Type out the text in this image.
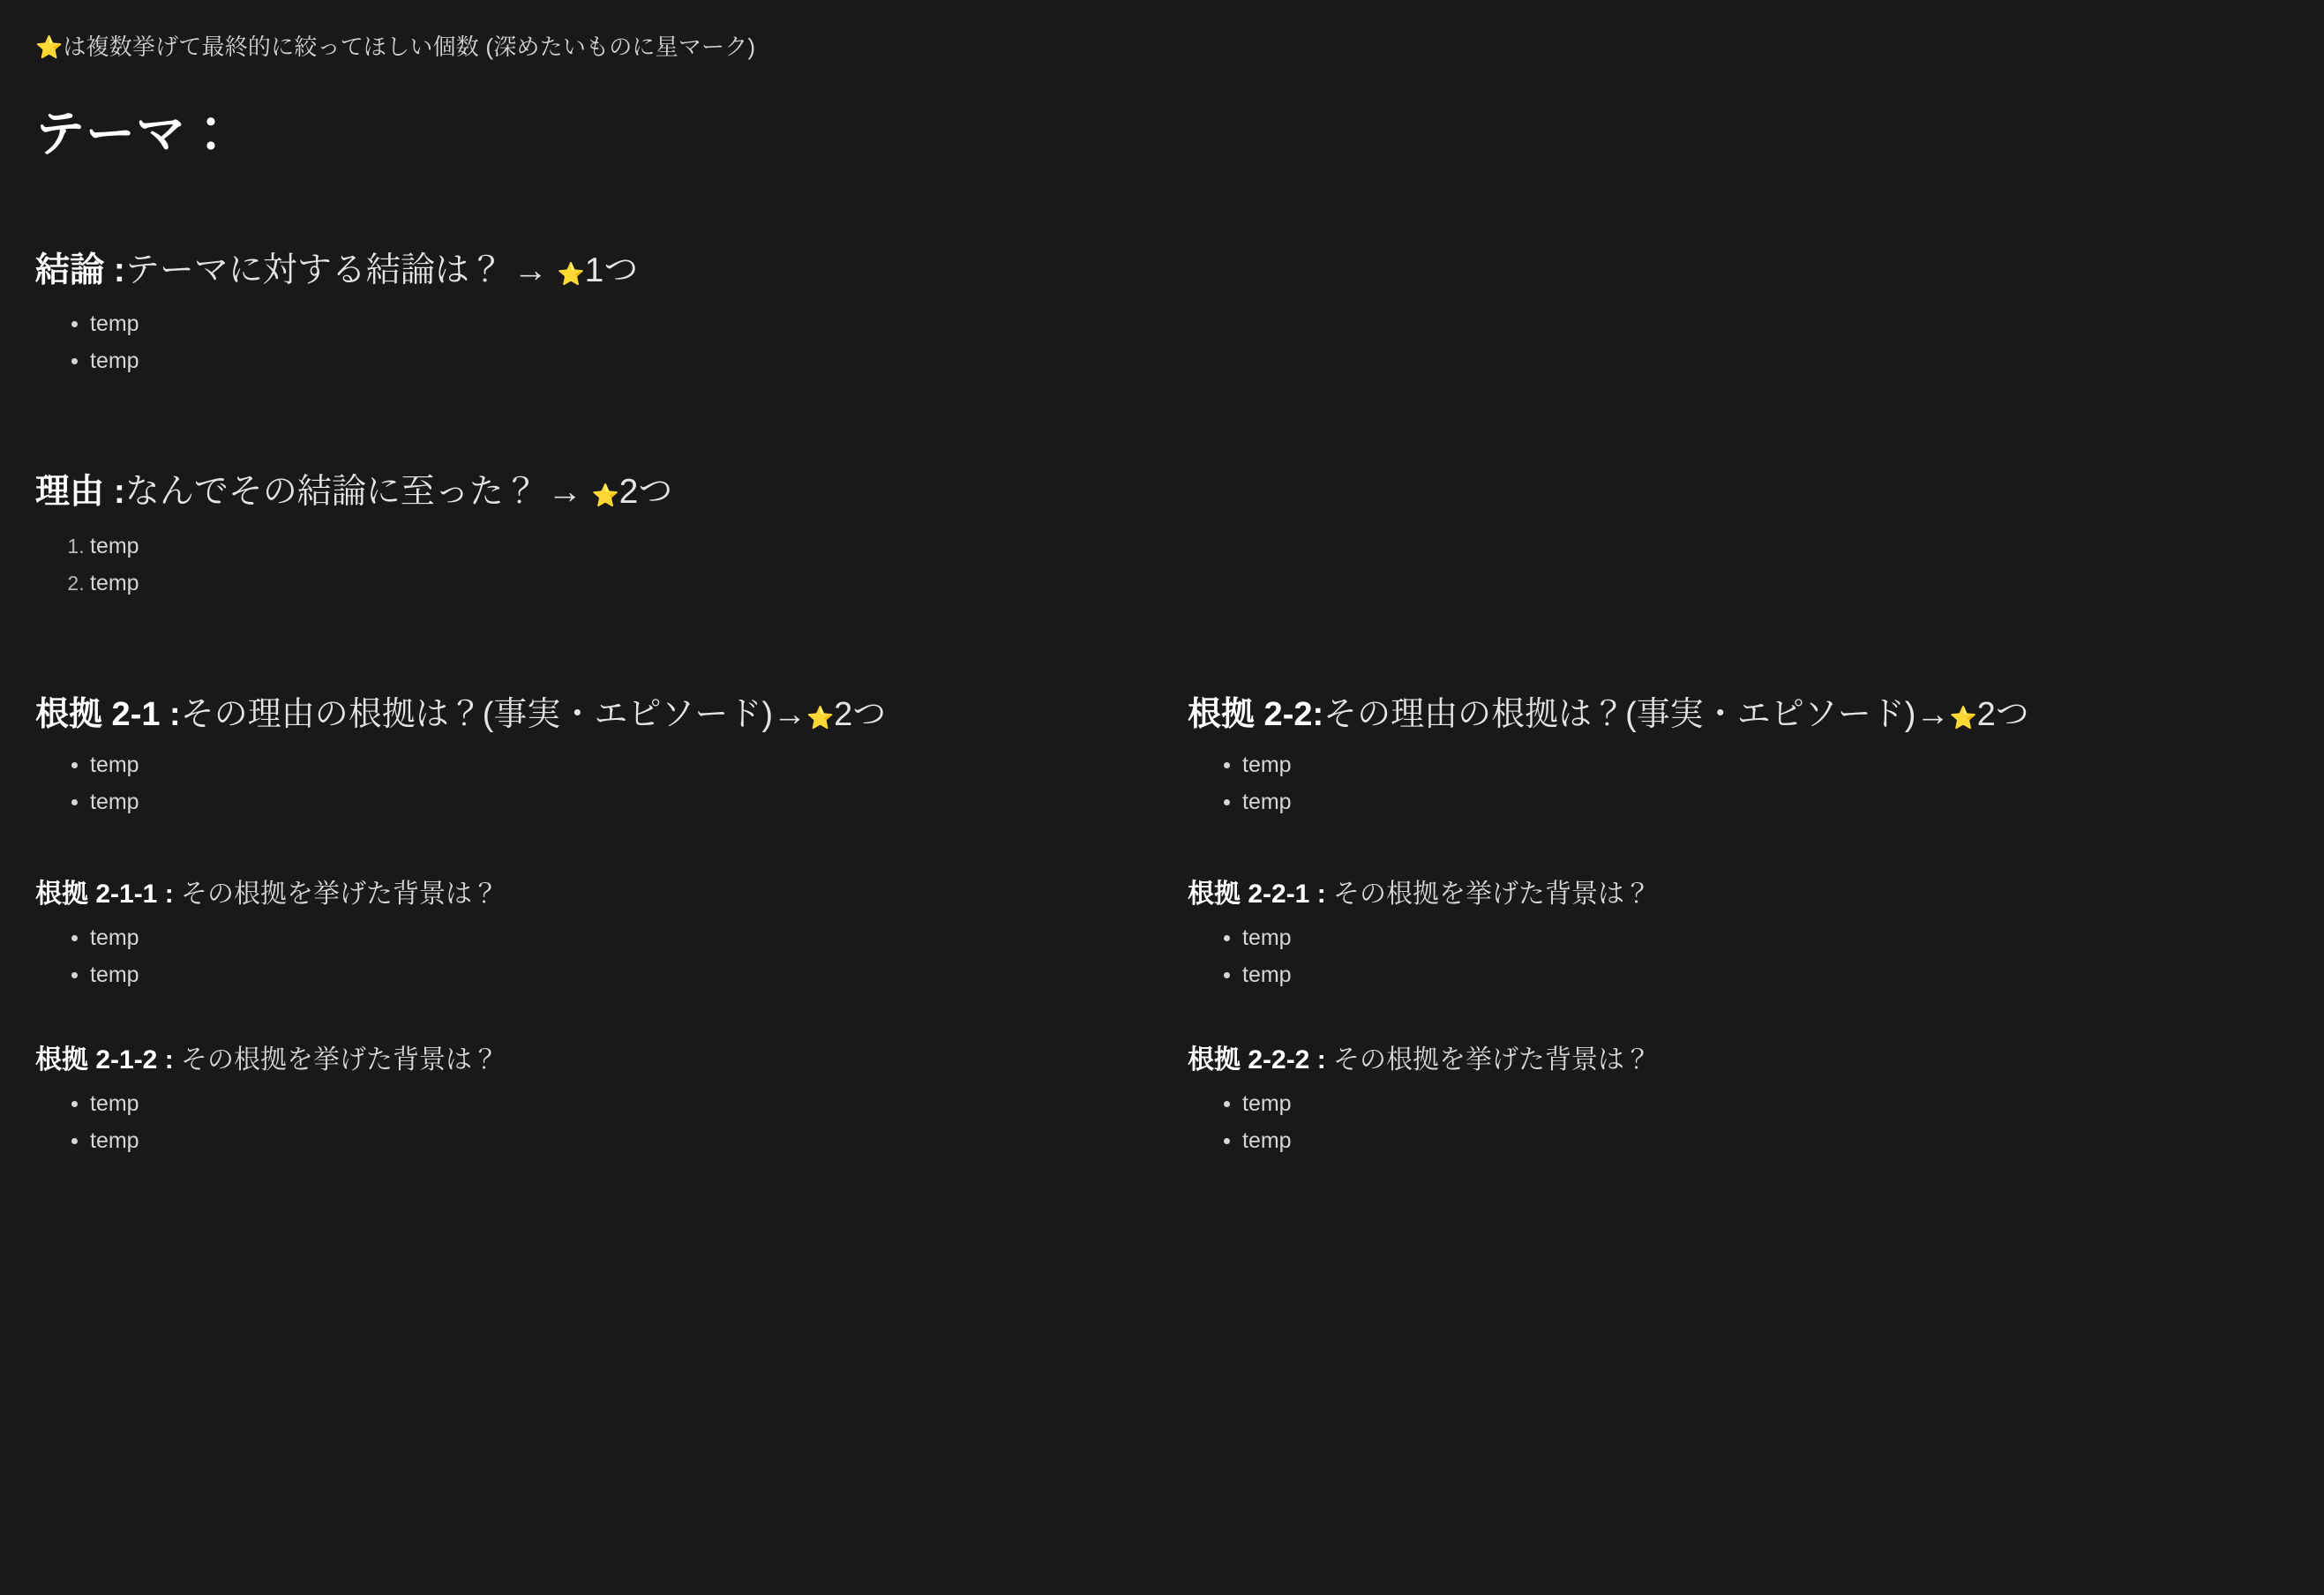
⭐は複数挙げて最終的に絞ってほしい個数 (深めたいものに星マーク)

テーマ：
結論 :テーマに対する結論は？ → ⭐1つ
• temp
• temp
理由 :なんでその結論に至った？ → ⭐2つ
1. temp
2. temp
根拠 2-1 :その理由の根拠は？(事実・エピソード)→⭐2つ
• temp
• temp
根拠 2-1-1 : その根拠を挙げた背景は？
• temp
• temp
根拠 2-1-2 : その根拠を挙げた背景は？
• temp
• temp
根拠 2-2:その理由の根拠は？(事実・エピソード)→⭐2つ
• temp
• temp
根拠 2-2-1 : その根拠を挙げた背景は？
• temp
• temp
根拠 2-2-2 : その根拠を挙げた背景は？
• temp
• temp
